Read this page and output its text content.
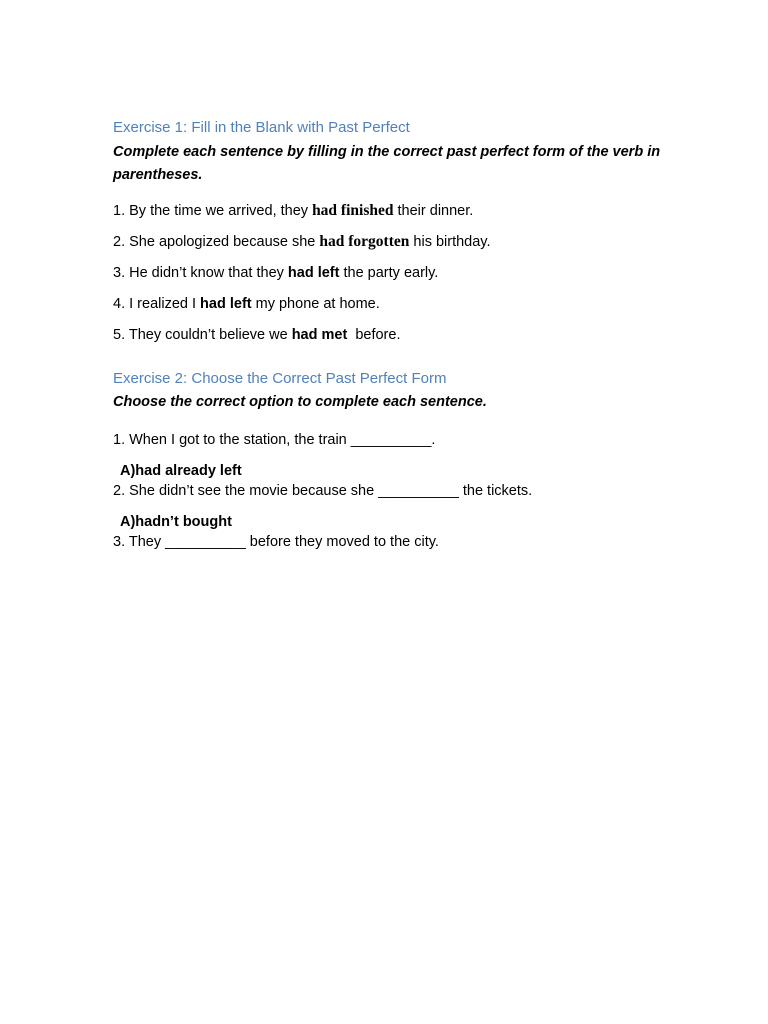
Exercise 1: Fill in the Blank with Past Perfect

Complete each sentence by filling in the correct past perfect form of the verb in parentheses.

1. By the time we arrived, they had finished their dinner.

2. She apologized because she had forgotten his birthday.

3. He didn’t know that they had left the party early.

4. I realized I had left my phone at home.

5. They couldn’t believe we had met  before.

Exercise 2: Choose the Correct Past Perfect Form

Choose the correct option to complete each sentence.

1. When I got to the station, the train __________.

A)had already left

2. She didn’t see the movie because she __________ the tickets.

A)hadn’t bought

3. They __________ before they moved to the city.
